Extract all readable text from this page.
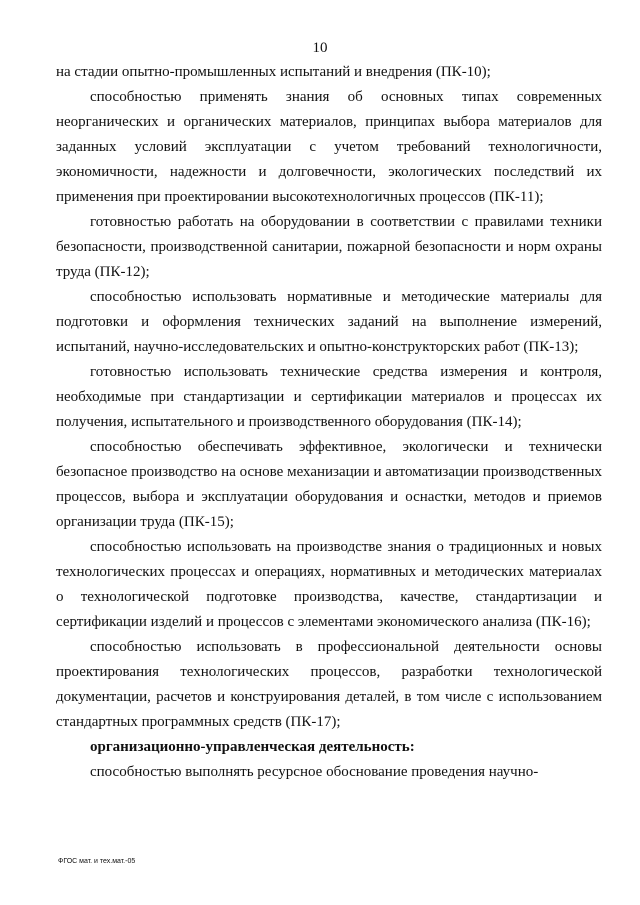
10

на стадии опытно-промышленных испытаний и внедрения (ПК-10);

способностью применять знания об основных типах современных неорганических и органических материалов, принципах выбора материалов для заданных условий эксплуатации с учетом требований технологичности, экономичности, надежности и долговечности, экологических последствий их применения при проектировании высокотехнологичных процессов (ПК-11);

готовностью работать на оборудовании в соответствии с правилами техники безопасности, производственной санитарии, пожарной безопасности и норм охраны труда (ПК-12);

способностью использовать нормативные и методические материалы для подготовки и оформления технических заданий на выполнение измерений, испытаний, научно-исследовательских и опытно-конструкторских работ (ПК-13);

готовностью использовать технические средства измерения и контроля, необходимые при стандартизации и сертификации материалов и процессах их получения, испытательного и производственного оборудования (ПК-14);

способностью обеспечивать эффективное, экологически и технически безопасное производство на основе механизации и автоматизации производственных процессов, выбора и эксплуатации оборудования и оснастки, методов и приемов организации труда (ПК-15);

способностью использовать на производстве знания о традиционных и новых технологических процессах и операциях, нормативных и методических материалах о технологической подготовке производства, качестве, стандартизации и сертификации изделий и процессов с элементами экономического анализа (ПК-16);

способностью использовать в профессиональной деятельности основы проектирования технологических процессов, разработки технологической документации, расчетов и конструирования деталей, в том числе с использованием стандартных программных средств (ПК-17);

организационно-управленческая деятельность:

способностью выполнять ресурсное обоснование проведения научно-

ФГОС мат. и тех.мат.-05
